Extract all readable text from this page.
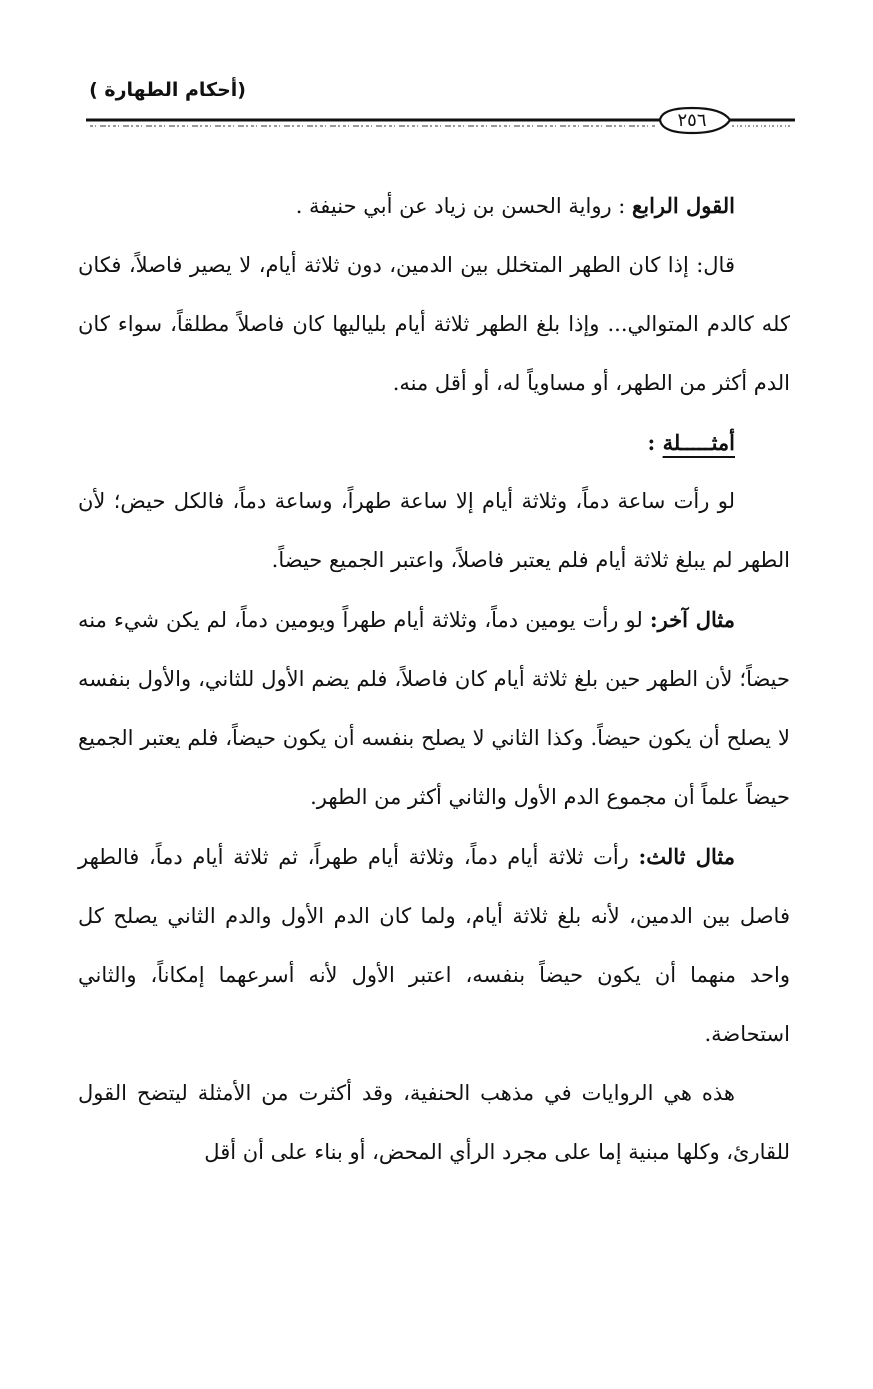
(أحكام الطهارة )
٢٥٦

القول الرابع : رواية الحسن بن زياد عن أبي حنيفة .

قال: إذا كان الطهر المتخلل بين الدمين، دون ثلاثة أيام، لا يصير فاصلاً، فكان كله كالدم المتوالي... وإذا بلغ الطهر ثلاثة أيام بلياليها كان فاصلاً مطلقاً، سواء كان الدم أكثر من الطهر، أو مساوياً له، أو أقل منه.

أمثـــــلة :

لو رأت ساعة دماً، وثلاثة أيام إلا ساعة طهراً، وساعة دماً، فالكل حيض؛ لأن الطهر لم يبلغ ثلاثة أيام فلم يعتبر فاصلاً، واعتبر الجميع حيضاً.

مثال آخر: لو رأت يومين دماً، وثلاثة أيام طهراً ويومين دماً، لم يكن شيء منه حيضاً؛ لأن الطهر حين بلغ ثلاثة أيام كان فاصلاً، فلم يضم الأول للثاني، والأول بنفسه لا يصلح أن يكون حيضاً. وكذا الثاني لا يصلح بنفسه أن يكون حيضاً، فلم يعتبر الجميع حيضاً علماً أن مجموع الدم الأول والثاني أكثر من الطهر.

مثال ثالث: رأت ثلاثة أيام دماً، وثلاثة أيام طهراً، ثم ثلاثة أيام دماً، فالطهر فاصل بين الدمين، لأنه بلغ ثلاثة أيام، ولما كان الدم الأول والدم الثاني يصلح كل واحد منهما أن يكون حيضاً بنفسه، اعتبر الأول لأنه أسرعهما إمكاناً، والثاني استحاضة.

هذه هي الروايات في مذهب الحنفية، وقد أكثرت من الأمثلة ليتضح القول للقارئ، وكلها مبنية إما على مجرد الرأي المحض، أو بناء على أن أقل
